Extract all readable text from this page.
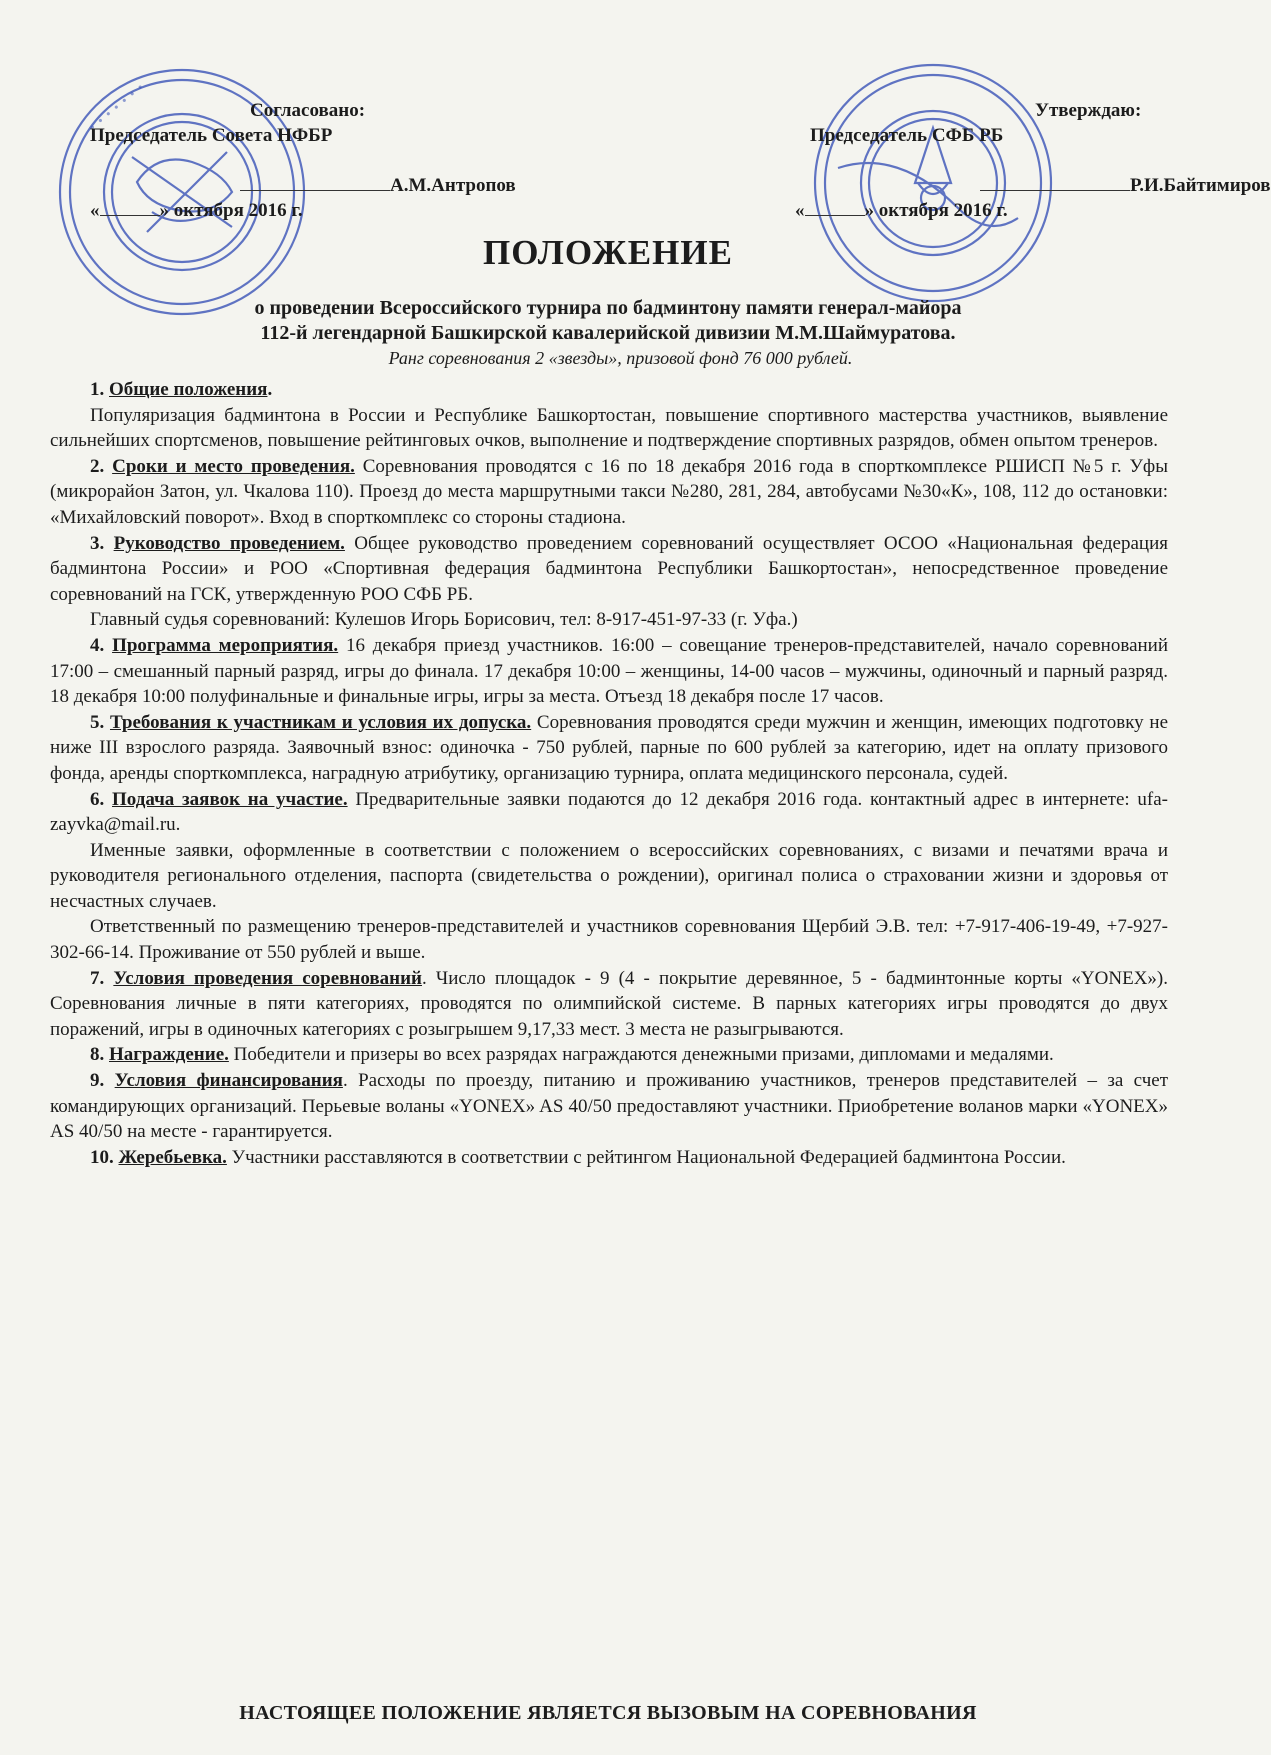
∙ ∙ ∙ ∙ ∙ ∙ ∙	Согласовано:
Председатель Совета НФБР
А.М.Антропов
«	» октября 2016 г.
Утверждаю:
Председатель СФБ РБ
Р.И.Байтимиров
«	» октября 2016 г.
ПОЛОЖЕНИЕ
о проведении Всероссийского турнира по бадминтону памяти генерал-майора
112-й легендарной Башкирской кавалерийской дивизии М.М.Шаймуратова.
Ранг соревнования 2 «звезды», призовой фонд 76 000 рублей.

1. Общие положения.

Популяризация бадминтона в России и Республике Башкортостан, повышение спортивного мастерства участников, выявление сильнейших спортсменов, повышение рейтинговых очков, выполнение и подтверждение спортивных разрядов, обмен опытом тренеров.

2. Сроки и место проведения. Соревнования проводятся с 16 по 18 декабря 2016 года в спорткомплексе РШИСП №5 г. Уфы (микрорайон Затон, ул. Чкалова 110). Проезд до места маршрутными такси №280, 281, 284, автобусами №30«К», 108, 112 до остановки: «Михайловский поворот». Вход в спорткомплекс со стороны стадиона.

3. Руководство проведением. Общее руководство проведением соревнований осуществляет ОСОО «Национальная федерация бадминтона России» и РОО «Спортивная федерация бадминтона Республики Башкортостан», непосредственное проведение соревнований на ГСК, утвержденную РОО СФБ РБ.

Главный судья соревнований: Кулешов Игорь Борисович, тел: 8-917-451-97-33 (г. Уфа.)

4. Программа мероприятия. 16 декабря приезд участников. 16:00 – совещание тренеров-представителей, начало соревнований 17:00 – смешанный парный разряд, игры до финала. 17 декабря 10:00 – женщины, 14-00 часов – мужчины, одиночный и парный разряд. 18 декабря 10:00 полуфинальные и финальные игры, игры за места. Отъезд 18 декабря после 17 часов.

5. Требования к участникам и условия их допуска. Соревнования проводятся среди мужчин и женщин, имеющих подготовку не ниже III взрослого разряда. Заявочный взнос: одиночка - 750 рублей, парные по 600 рублей за категорию, идет на оплату призового фонда, аренды спорткомплекса, наградную атрибутику, организацию турнира, оплата медицинского персонала, судей.

6. Подача заявок на участие. Предварительные заявки подаются до 12 декабря 2016 года. контактный адрес в интернете: ufa-zayvka@mail.ru.

Именные заявки, оформленные в соответствии с положением о всероссийских соревнованиях, с визами и печатями врача и руководителя регионального отделения, паспорта (свидетельства о рождении), оригинал полиса о страховании жизни и здоровья от несчастных случаев.

Ответственный по размещению тренеров-представителей и участников соревнования Щербий Э.В. тел: +7-917-406-19-49, +7-927-302-66-14. Проживание от 550 рублей и выше.

7. Условия проведения соревнований. Число площадок - 9 (4 - покрытие деревянное, 5 - бадминтонные корты «YONEX»). Соревнования личные в пяти категориях, проводятся по олимпийской системе. В парных категориях игры проводятся до двух поражений, игры в одиночных категориях с розыгрышем 9,17,33 мест. 3 места не разыгрываются.

8. Награждение. Победители и призеры во всех разрядах награждаются денежными призами, дипломами и медалями.

9. Условия финансирования. Расходы по проезду, питанию и проживанию участников, тренеров представителей – за счет командирующих организаций. Перьевые воланы «YONEX» AS 40/50 предоставляют участники. Приобретение воланов марки «YONEX» AS 40/50 на месте - гарантируется.

10. Жеребьевка. Участники расставляются в соответствии с рейтингом Национальной Федерацией бадминтона России.

НАСТОЯЩЕЕ ПОЛОЖЕНИЕ ЯВЛЯЕТСЯ ВЫЗОВЫМ НА СОРЕВНОВАНИЯ
